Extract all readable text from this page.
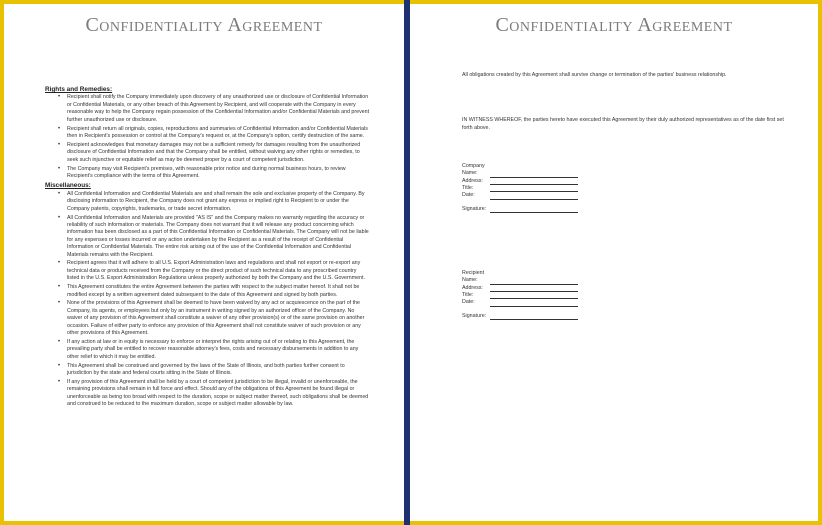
Confidentiality Agreement
Rights and Remedies:
• Recipient shall notify the Company immediately upon discovery of any unauthorized use or disclosure of Confidential Information or Confidential Materials, or any other breach of this Agreement by Recipient, and will cooperate with the Company in every reasonable way to help the Company regain possession of the Confidential Information and/or Confidential Materials and prevent further unauthorized use or disclosure.
• Recipient shall return all originals, copies, reproductions and summaries of Confidential Information and/or Confidential Materials then in Recipient's possession or control at the Company's request or, at the Company's option, certify destruction of the same.
• Recipient acknowledges that monetary damages may not be a sufficient remedy for damages resulting from the unauthorized disclosure of Confidential Information and that the Company shall be entitled, without waiving any other rights or remedies, to seek such injunctive or equitable relief as may be deemed proper by a court of competent jurisdiction.
• The Company may visit Recipient's premises, with reasonable prior notice and during normal business hours, to review Recipient's compliance with the terms of this Agreement.
Miscellaneous:
• All Confidential Information and Confidential Materials are and shall remain the sole and exclusive property of the Company. By disclosing information to Recipient, the Company does not grant any express or implied right to Recipient to or under the Company patents, copyrights, trademarks, or trade secret information.
• All Confidential Information and Materials are provided "AS IS" and the Company makes no warranty regarding the accuracy or reliability of such information or materials. The Company does not warrant that it will release any product concerning which information has been disclosed as a part of this Confidential Information or Confidential Materials. The Company will not be liable for any expenses or losses incurred or any action undertaken by the Recipient as a result of the receipt of Confidential Information or Confidential Materials. The entire risk arising out of the use of the Confidential Information and Confidential Materials remains with the Recipient.
• Recipient agrees that it will adhere to all U.S. Export Administration laws and regulations and shall not export or re-export any technical data or products received from the Company or the direct product of such technical data to any proscribed country listed in the U.S. Export Administration Regulations unless properly authorized by both the Company and the U.S. Government.
• This Agreement constitutes the entire Agreement between the parties with respect to the subject matter hereof. It shall not be modified except by a written agreement dated subsequent to the date of this Agreement and signed by both parties.
• None of the provisions of this Agreement shall be deemed to have been waived by any act or acquiescence on the part of the Company, its agents, or employees but only by an instrument in writing signed by an authorized officer of the Company. No waiver of any provision of this Agreement shall constitute a waiver of any other provision(s) or of the same provision on another occasion. Failure of either party to enforce any provision of this Agreement shall not constitute waiver of such provision or any other provisions of this Agreement.
• If any action at law or in equity is necessary to enforce or interpret the rights arising out of or relating to this Agreement, the prevailing party shall be entitled to recover reasonable attorney's fees, costs and necessary disbursements in addition to any other relief to which it may be entitled.
• This Agreement shall be construed and governed by the laws of the State of Illinois, and both parties further consent to jurisdiction by the state and federal courts sitting in the State of Illinois.
• If any provision of this Agreement shall be held by a court of competent jurisdiction to be illegal, invalid or unenforceable, the remaining provisions shall remain in full force and effect. Should any of the obligations of this Agreement be found illegal or unenforceable as being too broad with respect to the duration, scope or subject matter thereof, such obligations shall be deemed and construed to be reduced to the maximum duration, scope or subject matter allowable by law.
Confidentiality Agreement

All obligations created by this Agreement shall survive change or termination of the parties' business relationship.

IN WITNESS WHEREOF, the parties hereto have executed this Agreement by their duly authorized representatives as of the date first set forth above.

Company Name:
Address:
Title:
Date:
Signature:
Recipient Name:
Address:
Title:
Date:
Signature:
